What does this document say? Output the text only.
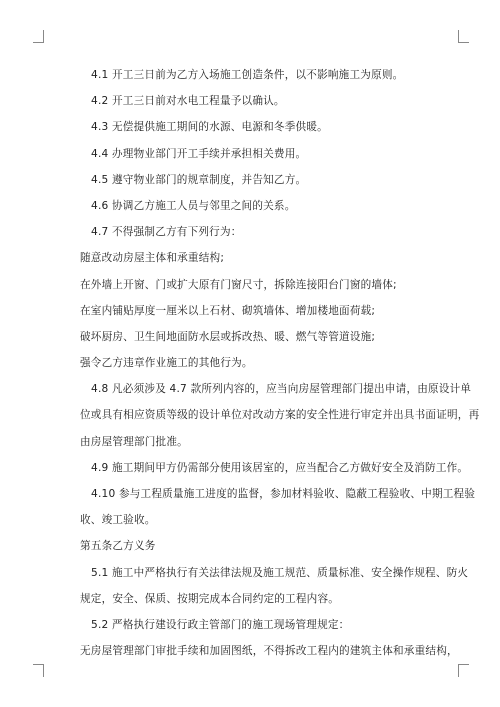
4.1 开工三日前为乙方入场施工创造条件，以不影响施工为原则。
4.2 开工三日前对水电工程量予以确认。
4.3 无偿提供施工期间的水源、电源和冬季供暖。
4.4 办理物业部门开工手续并承担相关费用。
4.5 遵守物业部门的规章制度，并告知乙方。
4.6 协调乙方施工人员与邻里之间的关系。
4.7 不得强制乙方有下列行为：
随意改动房屋主体和承重结构;
在外墙上开窗、门或扩大原有门窗尺寸，拆除连接阳台门窗的墙体;
在室内铺贴厚度一厘米以上石材、砌筑墙体、增加楼地面荷载;
破坏厨房、卫生间地面防水层或拆改热、暖、燃气等管道设施;
强令乙方违章作业施工的其他行为。
4.8 凡必须涉及 4.7 款所列内容的，应当向房屋管理部门提出申请，由原设计单
位或具有相应资质等级的设计单位对改动方案的安全性进行审定并出具书面证明，再
由房屋管理部门批准。
4.9 施工期间甲方仍需部分使用该居室的，应当配合乙方做好安全及消防工作。
4.10 参与工程质量施工进度的监督，参加材料验收、隐蔽工程验收、中期工程验
收、竣工验收。
第五条乙方义务
5.1 施工中严格执行有关法律法规及施工规范、质量标准、安全操作规程、防火
规定，安全、保质、按期完成本合同约定的工程内容。
5.2 严格执行建设行政主管部门的施工现场管理规定：
无房屋管理部门审批手续和加固图纸，不得拆改工程内的建筑主体和承重结构，
